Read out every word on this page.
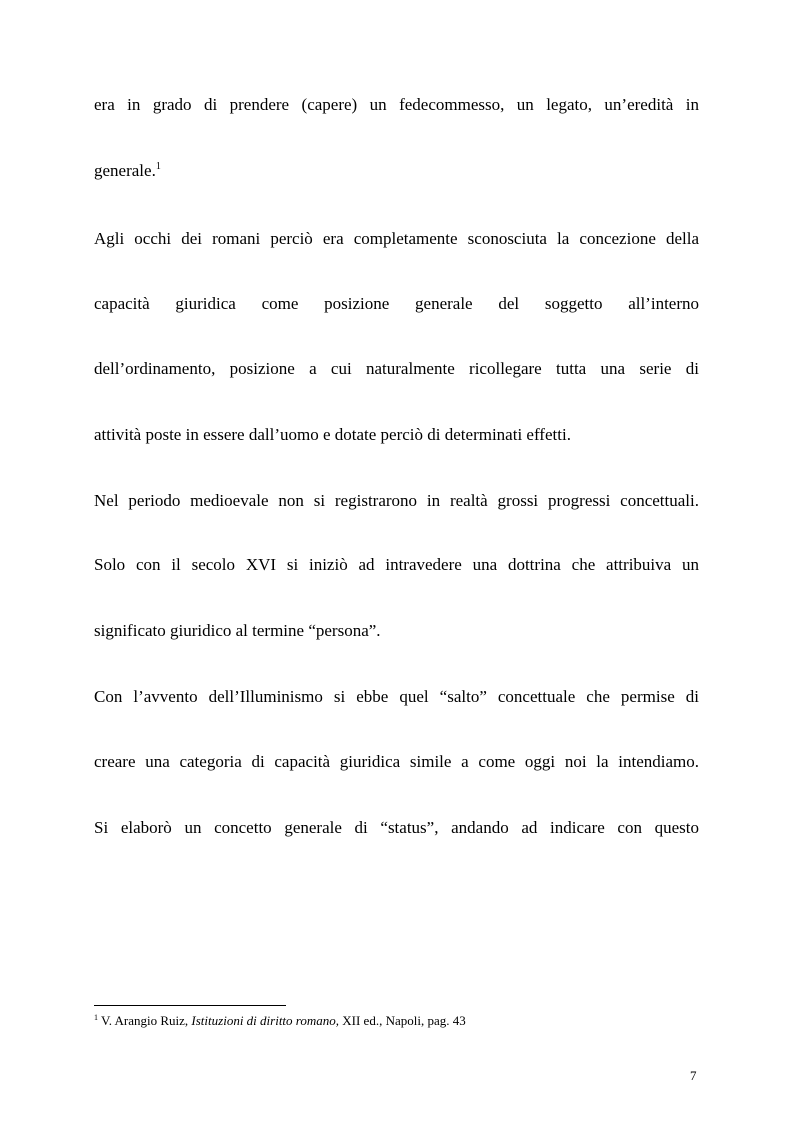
era in grado di prendere (capere) un fedecommesso, un legato, un’eredità in
generale.$^1$
Agli occhi dei romani perciò era completamente sconosciuta la concezione della
capacità giuridica come posizione generale del soggetto all’interno
dell’ordinamento, posizione a cui naturalmente ricollegare tutta una serie di
attività poste in essere dall’uomo e dotate perciò di determinati effetti.
Nel periodo medioevale non si registrarono in realtà grossi progressi concettuali.
Solo con il secolo XVI si iniziò ad intravedere una dottrina che attribuiva un
significato giuridico al termine “persona”.
Con l’avvento dell’Illuminismo si ebbe quel “salto” concettuale che permise di
creare una categoria di capacità giuridica simile a come oggi noi la intendiamo.
Si elaborò un concetto generale di “status”, andando ad indicare con questo
$^1$ V. Arangio Ruiz, Istituzioni di diritto romano, XII ed., Napoli, pag. 43
7
